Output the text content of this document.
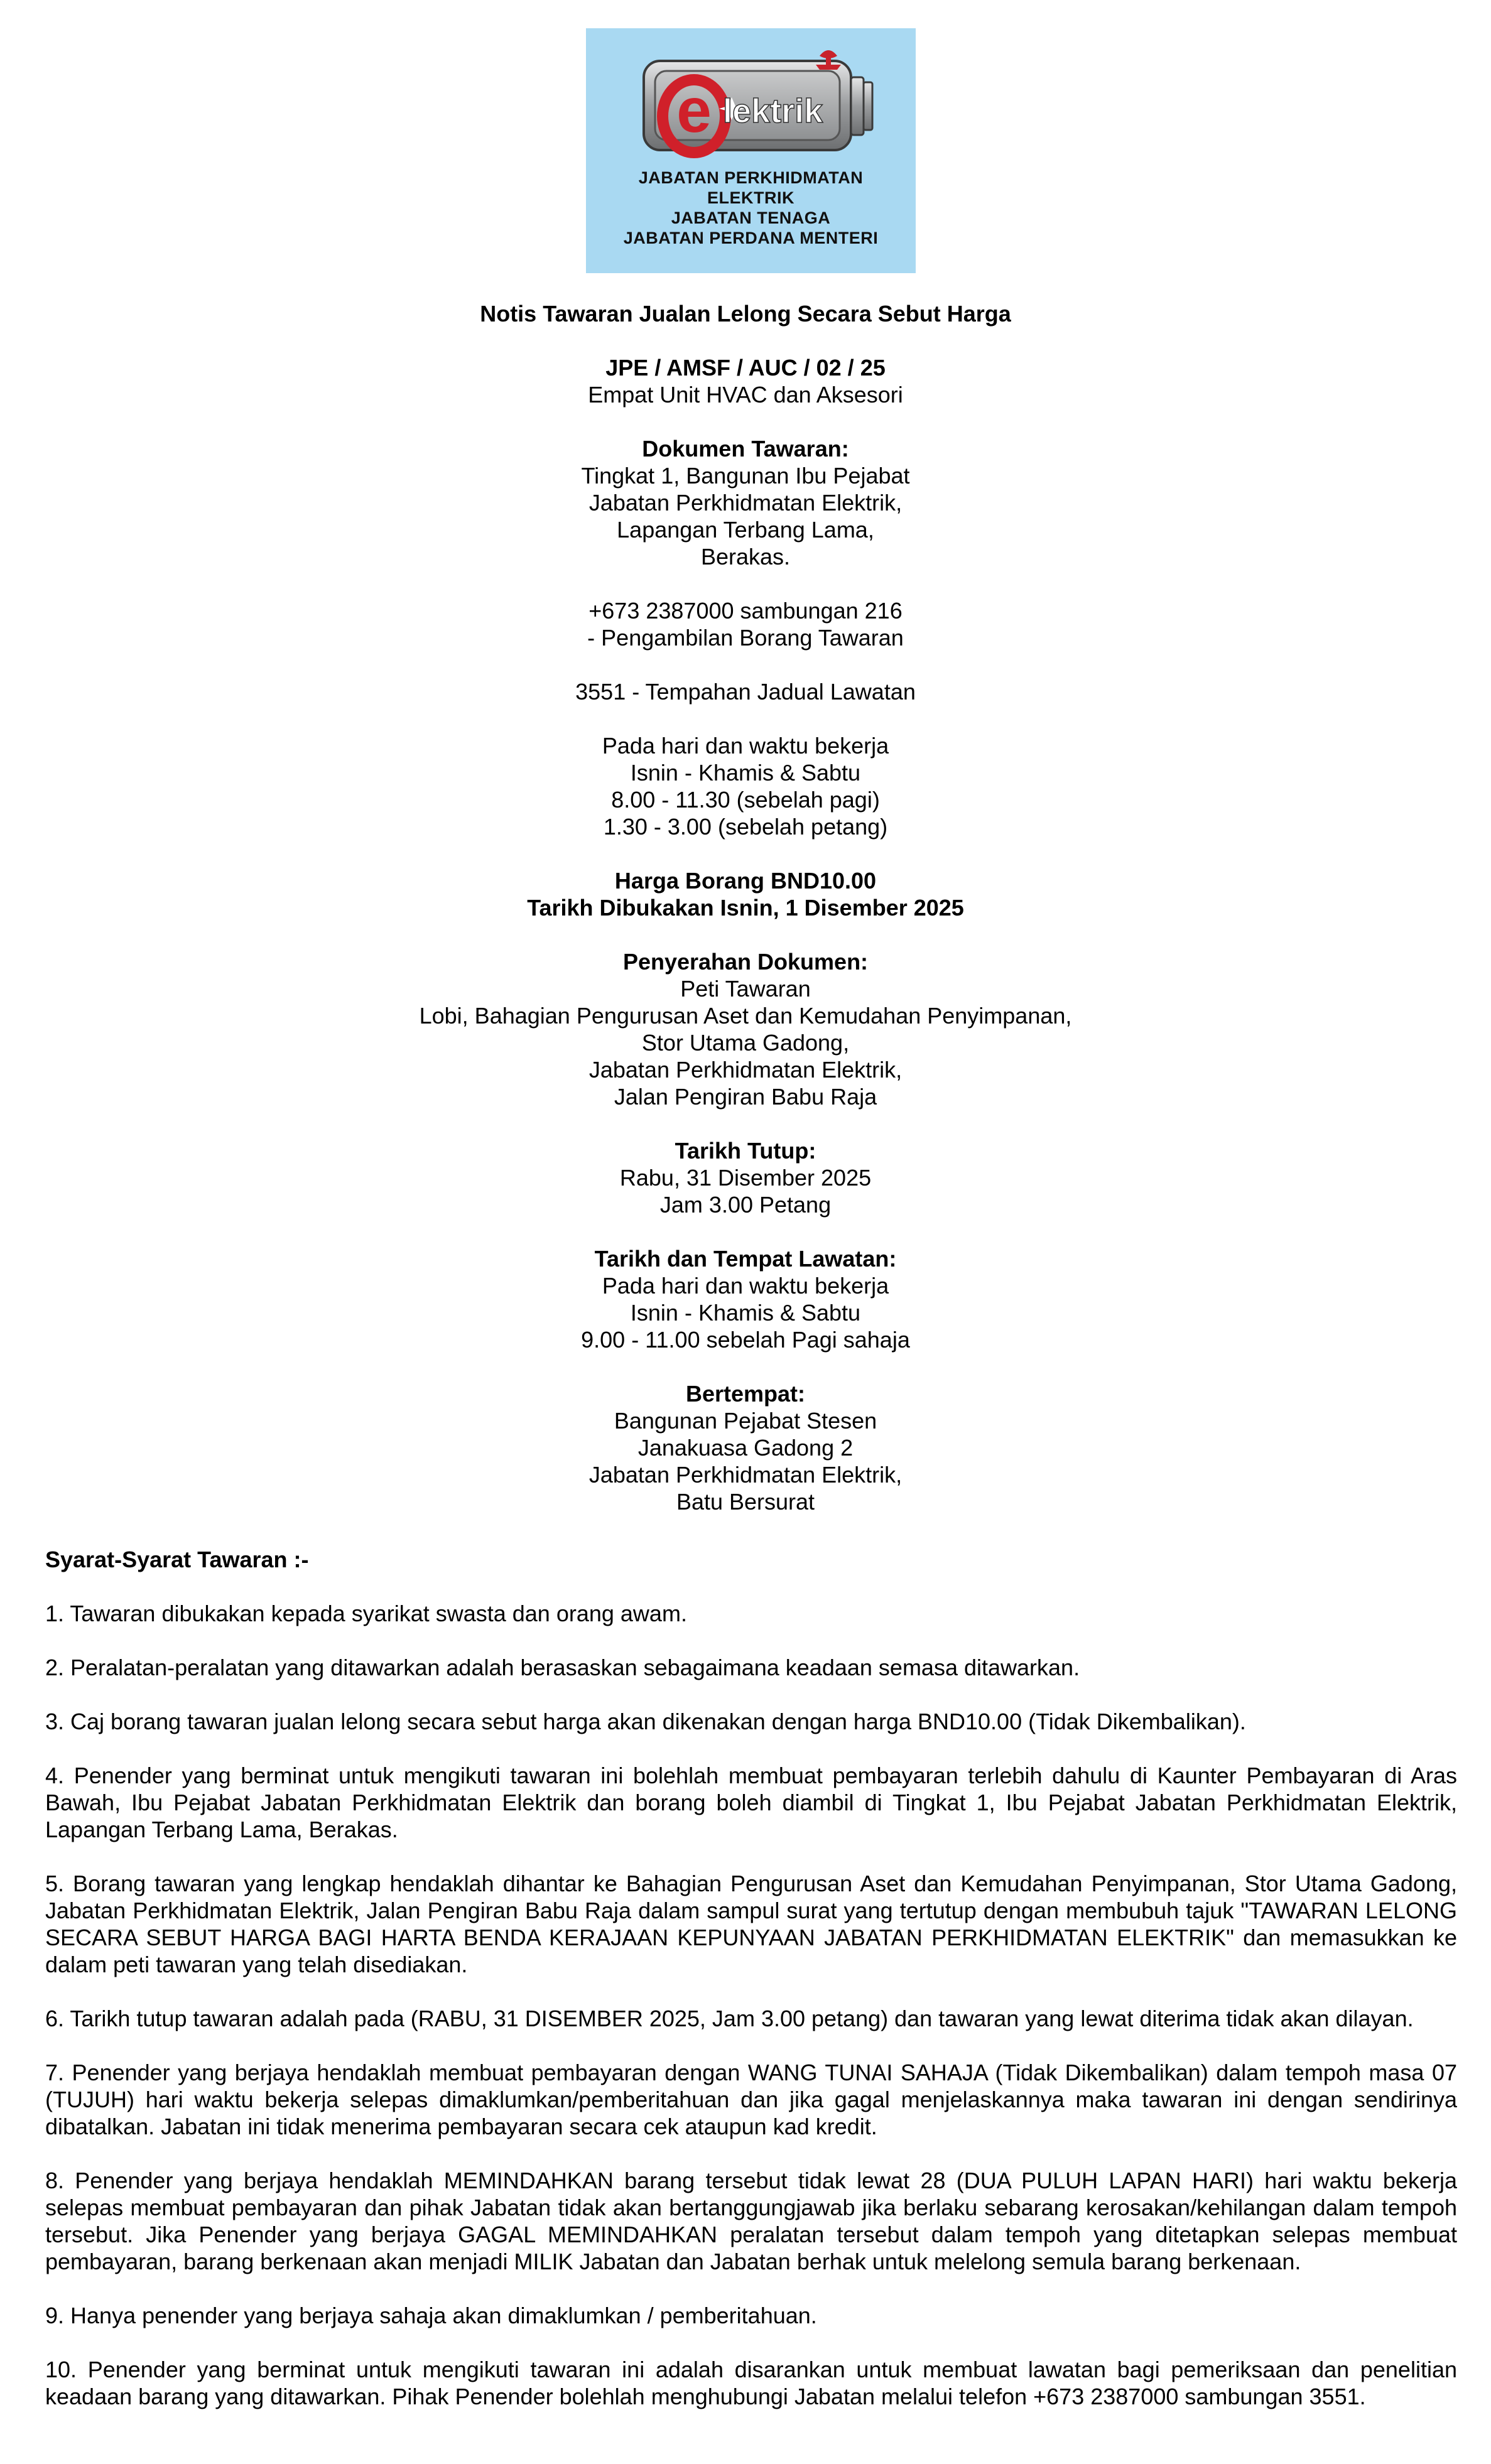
e lektrik
JABATAN PERKHIDMATAN
ELEKTRIK
JABATAN TENAGA
JABATAN PERDANA MENTERI
Notis Tawaran Jualan Lelong Secara Sebut Harga
JPE / AMSF / AUC / 02 / 25
Empat Unit HVAC dan Aksesori
Dokumen Tawaran:
Tingkat 1, Bangunan Ibu Pejabat
Jabatan Perkhidmatan Elektrik,
Lapangan Terbang Lama,
Berakas.
+673 2387000 sambungan 216
- Pengambilan Borang Tawaran
3551 - Tempahan Jadual Lawatan
Pada hari dan waktu bekerja
Isnin - Khamis & Sabtu
8.00 - 11.30 (sebelah pagi)
1.30 - 3.00 (sebelah petang)
Harga Borang BND10.00
Tarikh Dibukakan Isnin, 1 Disember 2025
Penyerahan Dokumen:
Peti Tawaran
Lobi, Bahagian Pengurusan Aset dan Kemudahan Penyimpanan,
Stor Utama Gadong,
Jabatan Perkhidmatan Elektrik,
Jalan Pengiran Babu Raja
Tarikh Tutup:
Rabu, 31 Disember 2025
Jam 3.00 Petang
Tarikh dan Tempat Lawatan:
Pada hari dan waktu bekerja
Isnin - Khamis & Sabtu
9.00 - 11.00 sebelah Pagi sahaja
Bertempat:
Bangunan Pejabat Stesen
Janakuasa Gadong 2
Jabatan Perkhidmatan Elektrik,
Batu Bersurat

Syarat-Syarat Tawaran :-

1. Tawaran dibukakan kepada syarikat swasta dan orang awam.

2. Peralatan-peralatan yang ditawarkan adalah berasaskan sebagaimana keadaan semasa ditawarkan.

3. Caj borang tawaran jualan lelong secara sebut harga akan dikenakan dengan harga BND10.00 (Tidak Dikembalikan).

4. Penender yang berminat untuk mengikuti tawaran ini bolehlah membuat pembayaran terlebih dahulu di Kaunter Pembayaran di Aras Bawah, Ibu Pejabat Jabatan Perkhidmatan Elektrik dan borang boleh diambil di Tingkat 1, Ibu Pejabat Jabatan Perkhidmatan Elektrik, Lapangan Terbang Lama, Berakas.

5. Borang tawaran yang lengkap hendaklah dihantar ke Bahagian Pengurusan Aset dan Kemudahan Penyimpanan, Stor Utama Gadong, Jabatan Perkhidmatan Elektrik, Jalan Pengiran Babu Raja dalam sampul surat yang tertutup dengan membubuh tajuk "TAWARAN LELONG SECARA SEBUT HARGA BAGI HARTA BENDA KERAJAAN KEPUNYAAN JABATAN PERKHIDMATAN ELEKTRIK" dan memasukkan ke dalam peti tawaran yang telah disediakan.

6. Tarikh tutup tawaran adalah pada (RABU, 31 DISEMBER 2025, Jam 3.00 petang) dan tawaran yang lewat diterima tidak akan dilayan.

7. Penender yang berjaya hendaklah membuat pembayaran dengan WANG TUNAI SAHAJA (Tidak Dikembalikan) dalam tempoh masa 07 (TUJUH) hari waktu bekerja selepas dimaklumkan/pemberitahuan dan jika gagal menjelaskannya maka tawaran ini dengan sendirinya dibatalkan. Jabatan ini tidak menerima pembayaran secara cek ataupun kad kredit.

8. Penender yang berjaya hendaklah MEMINDAHKAN barang tersebut tidak lewat 28 (DUA PULUH LAPAN HARI) hari waktu bekerja selepas membuat pembayaran dan pihak Jabatan tidak akan bertanggungjawab jika berlaku sebarang kerosakan/kehilangan dalam tempoh tersebut. Jika Penender yang berjaya GAGAL MEMINDAHKAN peralatan tersebut dalam tempoh yang ditetapkan selepas membuat pembayaran, barang berkenaan akan menjadi MILIK Jabatan dan Jabatan berhak untuk melelong semula barang berkenaan.

9. Hanya penender yang berjaya sahaja akan dimaklumkan / pemberitahuan.

10. Penender yang berminat untuk mengikuti tawaran ini adalah disarankan untuk membuat lawatan bagi pemeriksaan dan penelitian keadaan barang yang ditawarkan. Pihak Penender bolehlah menghubungi Jabatan melalui telefon +673 2387000 sambungan 3551.
